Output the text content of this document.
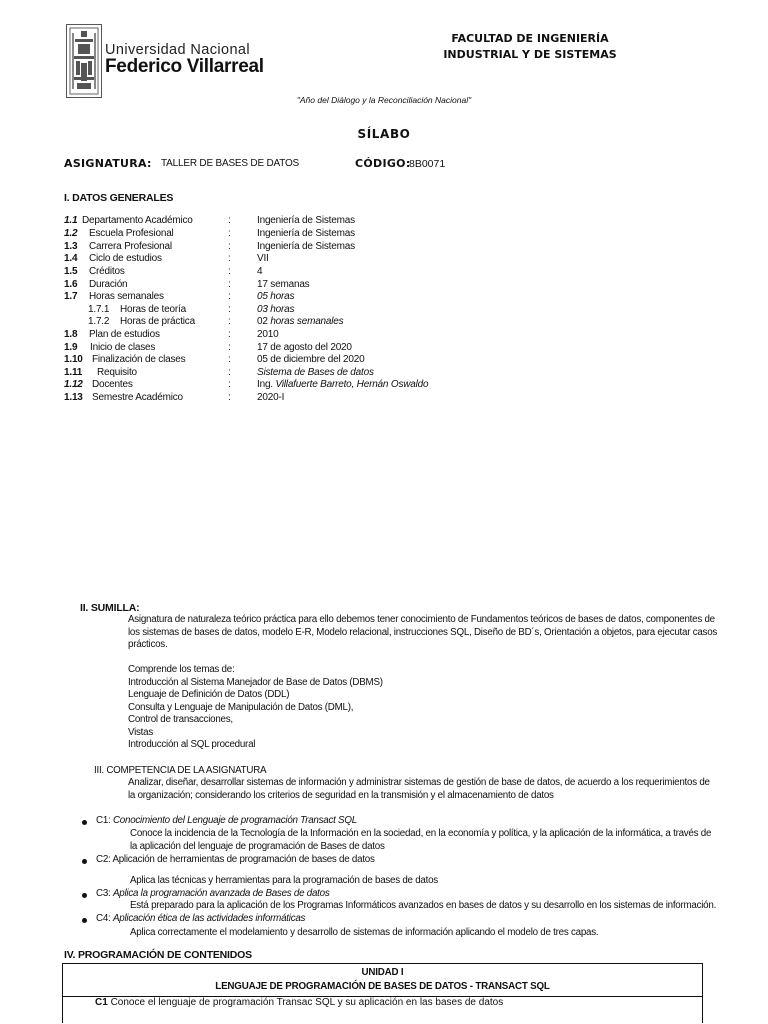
Universidad Nacional
Federico Villarreal
FACULTAD DE INGENIERÍA
INDUSTRIAL Y DE SISTEMAS
"Año del Diálogo y la Reconciliación Nacional"
SÍLABO
ASIGNATURA: TALLER DE BASES DE DATOS	CÓDIGO:
8B0071
I. DATOS GENERALES
1.1 Departamento Académico	:	Ingeniería de Sistemas
1.2 Escuela Profesional	:	Ingeniería de Sistemas
1.3 Carrera Profesional	:	Ingeniería de Sistemas
1.4 Ciclo de estudios	:	VII
1.5 Créditos	:	4
1.6 Duración	:	17 semanas
1.7 Horas semanales	:	05 horas
1.7.1 Horas de teoría	:	03 horas
1.7.2 Horas de práctica	:	02 horas semanales
1.8 Plan de estudios	:	2010
1.9 Inicio de clases	:	17 de agosto del 2020
1.10 Finalización de clases	:	05 de diciembre del 2020
1.11 Requisito	:	Sistema de Bases de datos
1.12 Docentes	:	Ing. Villafuerte Barreto, Hernán Oswaldo
1.13 Semestre Académico	:	2020-I
II. SUMILLA:
Asignatura de naturaleza teórico práctica para ello debemos tener conocimiento de Fundamentos teóricos de bases de datos, componentes de
los sistemas de bases de datos, modelo E-R, Modelo relacional, instrucciones SQL, Diseño de BD´s, Orientación a objetos, para ejecutar casos
prácticos.
Comprende los temas de:
Introducción al Sistema Manejador de Base de Datos (DBMS)
Lenguaje de Definición de Datos (DDL)
Consulta y Lenguaje de Manipulación de Datos (DML),
Control de transacciones,
Vistas
Introducción al SQL procedural
III. COMPETENCIA DE LA ASIGNATURA
Analizar, diseñar, desarrollar sistemas de información y administrar sistemas de gestión de base de datos, de acuerdo a los requerimientos de
la organización; considerando los criterios de seguridad en la transmisión y el almacenamiento de datos
C1: Conocimiento del Lenguaje de programación Transact SQL
Conoce la incidencia de la Tecnología de la Información en la sociedad, en la economía y política, y la aplicación de la informática, a través de
la aplicación del lenguaje de programación de Bases de datos
C2: Aplicación de herramientas de programación de bases de datos
Aplica las técnicas y herramientas para la programación de bases de datos
C3: Aplica la programación avanzada de Bases de datos
Está preparado para la aplicación de los Programas Informáticos avanzados en bases de datos y su desarrollo en los sistemas de información.
C4: Aplicación ética de las actividades informáticas
Aplica correctamente el modelamiento y desarrollo de sistemas de información aplicando el modelo de tres capas.
IV. PROGRAMACIÓN DE CONTENIDOS
UNIDAD I
LENGUAJE DE PROGRAMACIÓN DE BASES DE DATOS - TRANSACT SQL
C1 Conoce el lenguaje de programación Transac SQL y su aplicación en las bases de datos
